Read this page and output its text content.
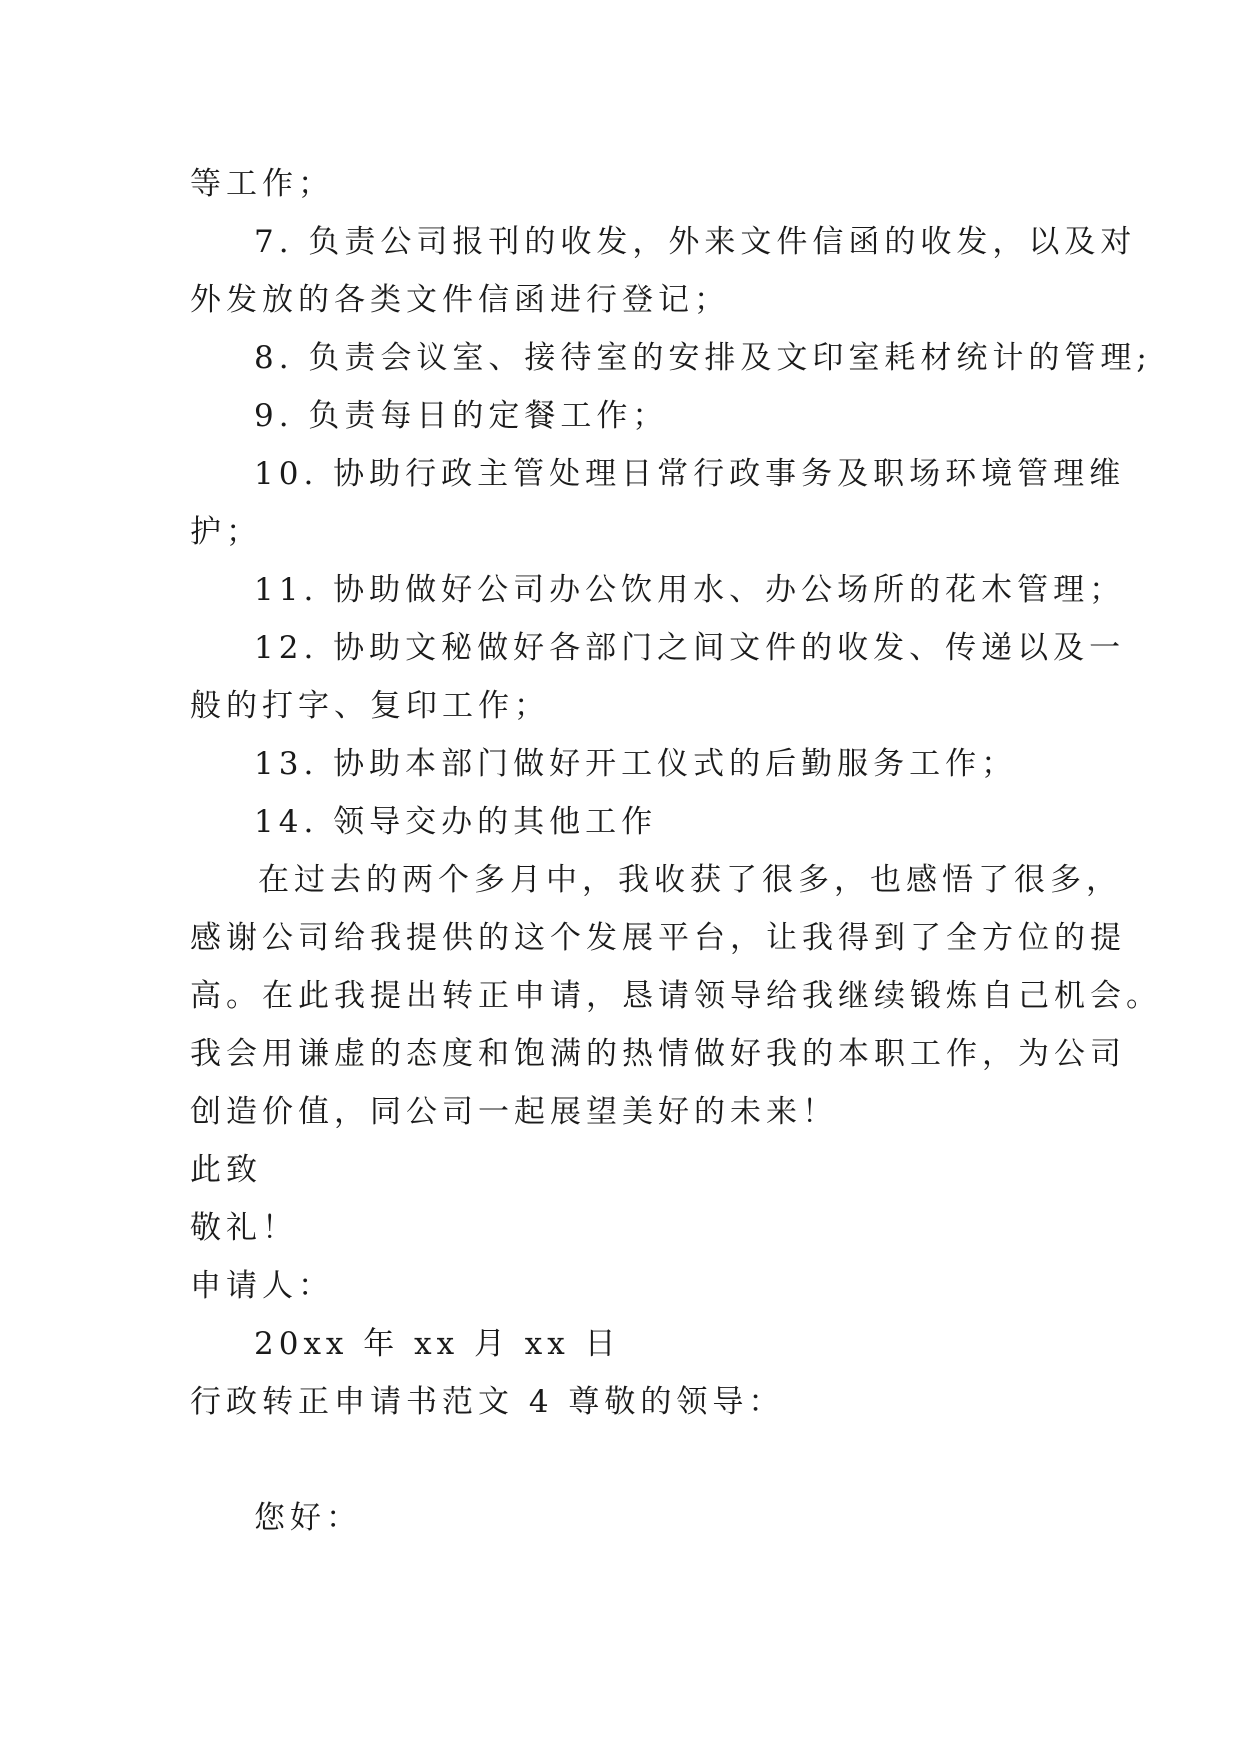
等工作；
7. 负责公司报刊的收发，外来文件信函的收发，以及对
外发放的各类文件信函进行登记；
8. 负责会议室、接待室的安排及文印室耗材统计的管理;
9. 负责每日的定餐工作；
10. 协助行政主管处理日常行政事务及职场环境管理维
护；
11. 协助做好公司办公饮用水、办公场所的花木管理；
12. 协助文秘做好各部门之间文件的收发、传递以及一
般的打字、复印工作；
13. 协助本部门做好开工仪式的后勤服务工作；
14. 领导交办的其他工作
在过去的两个多月中，我收获了很多，也感悟了很多，
感谢公司给我提供的这个发展平台，让我得到了全方位的提
高。在此我提出转正申请，恳请领导给我继续锻炼自己机会。
我会用谦虚的态度和饱满的热情做好我的本职工作，为公司
创造价值，同公司一起展望美好的未来！
此致
敬礼！
申请人：
20xx 年 xx 月 xx 日
行政转正申请书范文 4 尊敬的领导：
您好：
